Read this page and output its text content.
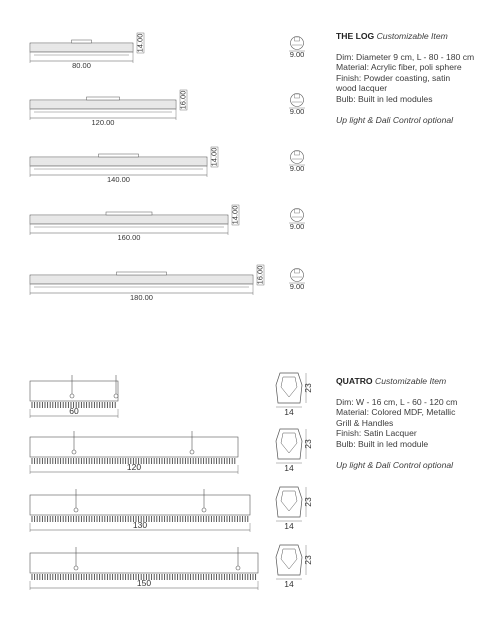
80.00
14.00
9.00
120.00
16.00
9.00
140.00
14.00
9.00
160.00
14.00
9.00
180.00
16.00
9.00
60	14
23
120	14
23
130	14
23
150	14
23
THE LOG Customizable Item
Dim: Diameter 9 cm, L - 80 - 180 cm
Material: Acrylic fiber, poli sphere
Finish: Powder coasting, satin
wood lacquer
Bulb: Built in led modules
Up light & Dali Control optional
QUATRO Customizable Item
Dim: W - 16 cm, L - 60 - 120 cm
Material: Colored MDF, Metallic
Grill & Handles
Finish: Satin Lacquer
Bulb: Built in led module
Up light & Dali Control optional
